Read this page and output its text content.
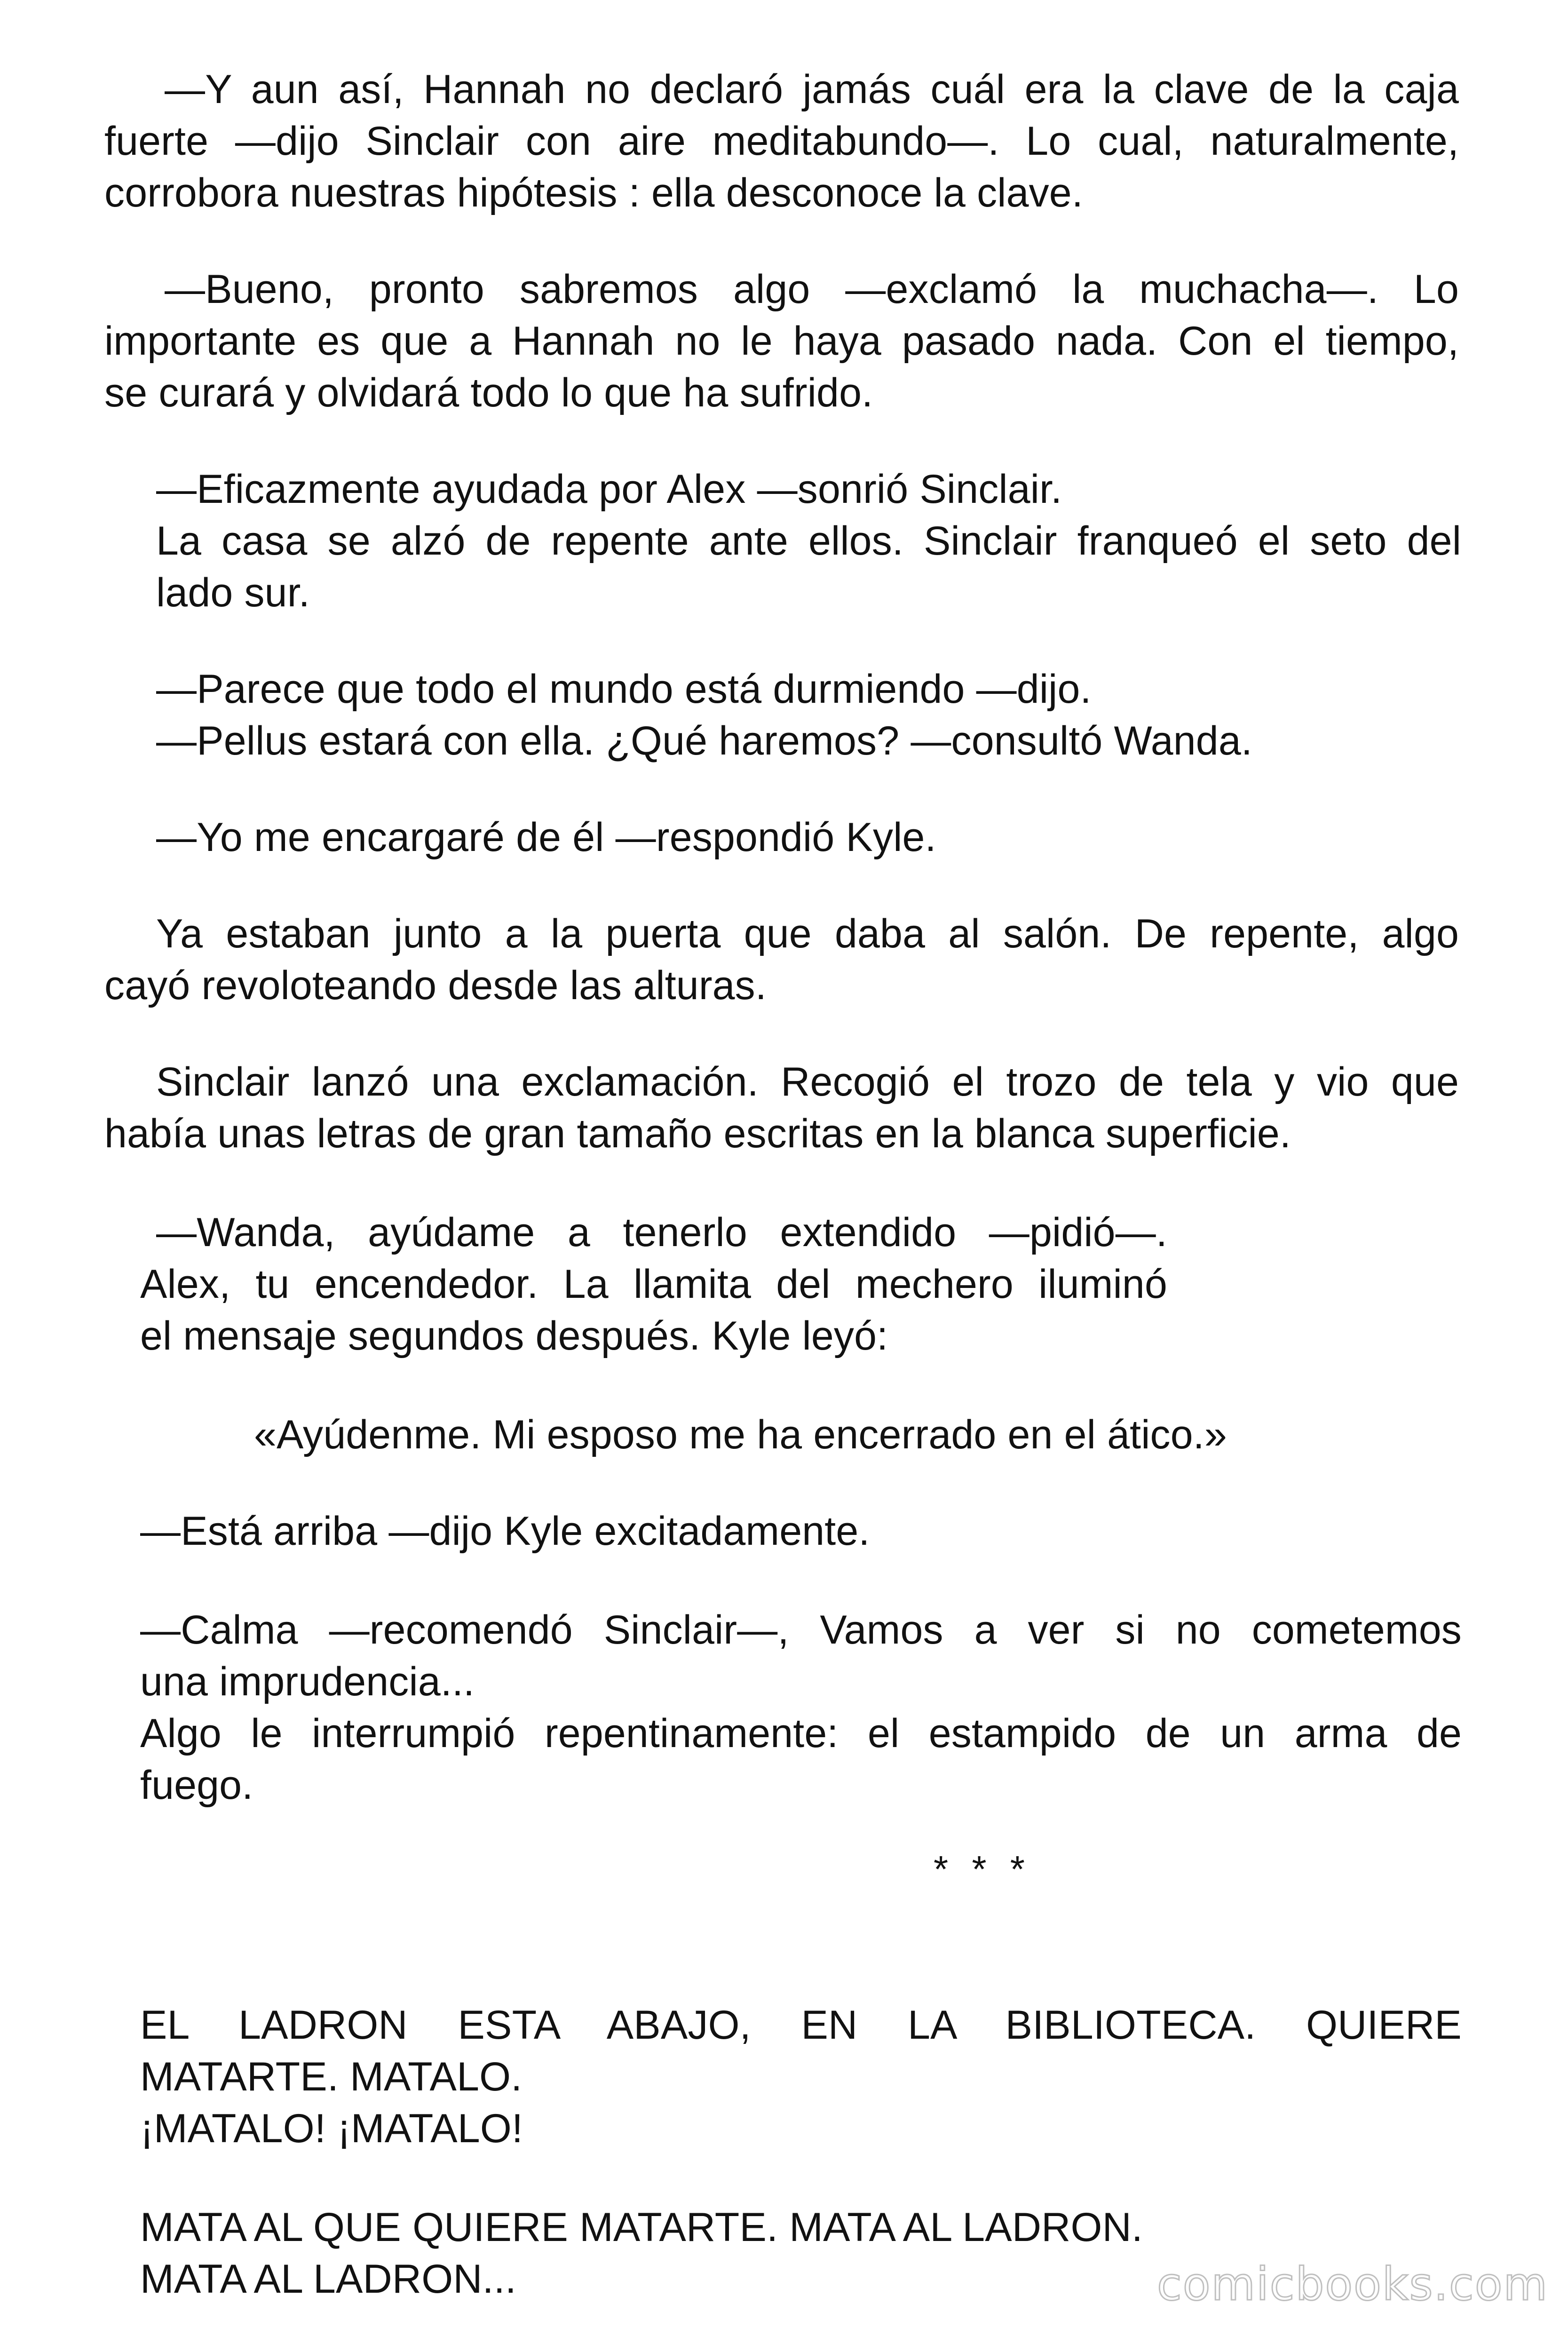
—Y aun así, Hannah no declaró jamás cuál era la clave de la caja
fuerte —dijo Sinclair con aire meditabundo—. Lo cual, naturalmente,
corrobora nuestras hipótesis : ella desconoce la clave.
—Bueno, pronto sabremos algo —exclamó la muchacha—. Lo
importante es que a Hannah no le haya pasado nada. Con el tiempo,
se curará y olvidará todo lo que ha sufrido.
—Eficazmente ayudada por Alex —sonrió Sinclair.
La casa se alzó de repente ante ellos. Sinclair franqueó el seto del
lado sur.
—Parece que todo el mundo está durmiendo —dijo.
—Pellus estará con ella. ¿Qué haremos? —consultó Wanda.
—Yo me encargaré de él —respondió Kyle.
Ya estaban junto a la puerta que daba al salón. De repente, algo
cayó revoloteando desde las alturas.
Sinclair lanzó una exclamación. Recogió el trozo de tela y vio que
había unas letras de gran tamaño escritas en la blanca superficie.
—Wanda, ayúdame a tenerlo extendido —pidió—.
Alex, tu encendedor. La llamita del mechero iluminó
el mensaje segundos después. Kyle leyó:
«Ayúdenme. Mi esposo me ha encerrado en el ático.»
—Está arriba —dijo Kyle excitadamente.
—Calma —recomendó Sinclair—, Vamos a ver si no cometemos
una imprudencia...
Algo le interrumpió repentinamente: el estampido de un arma de
fuego.
* * *
EL LADRON ESTA ABAJO, EN LA BIBLIOTECA. QUIERE
MATARTE. MATALO.
¡MATALO! ¡MATALO!
MATA AL QUE QUIERE MATARTE. MATA AL LADRON.
MATA AL LADRON...	comicbooks.com
